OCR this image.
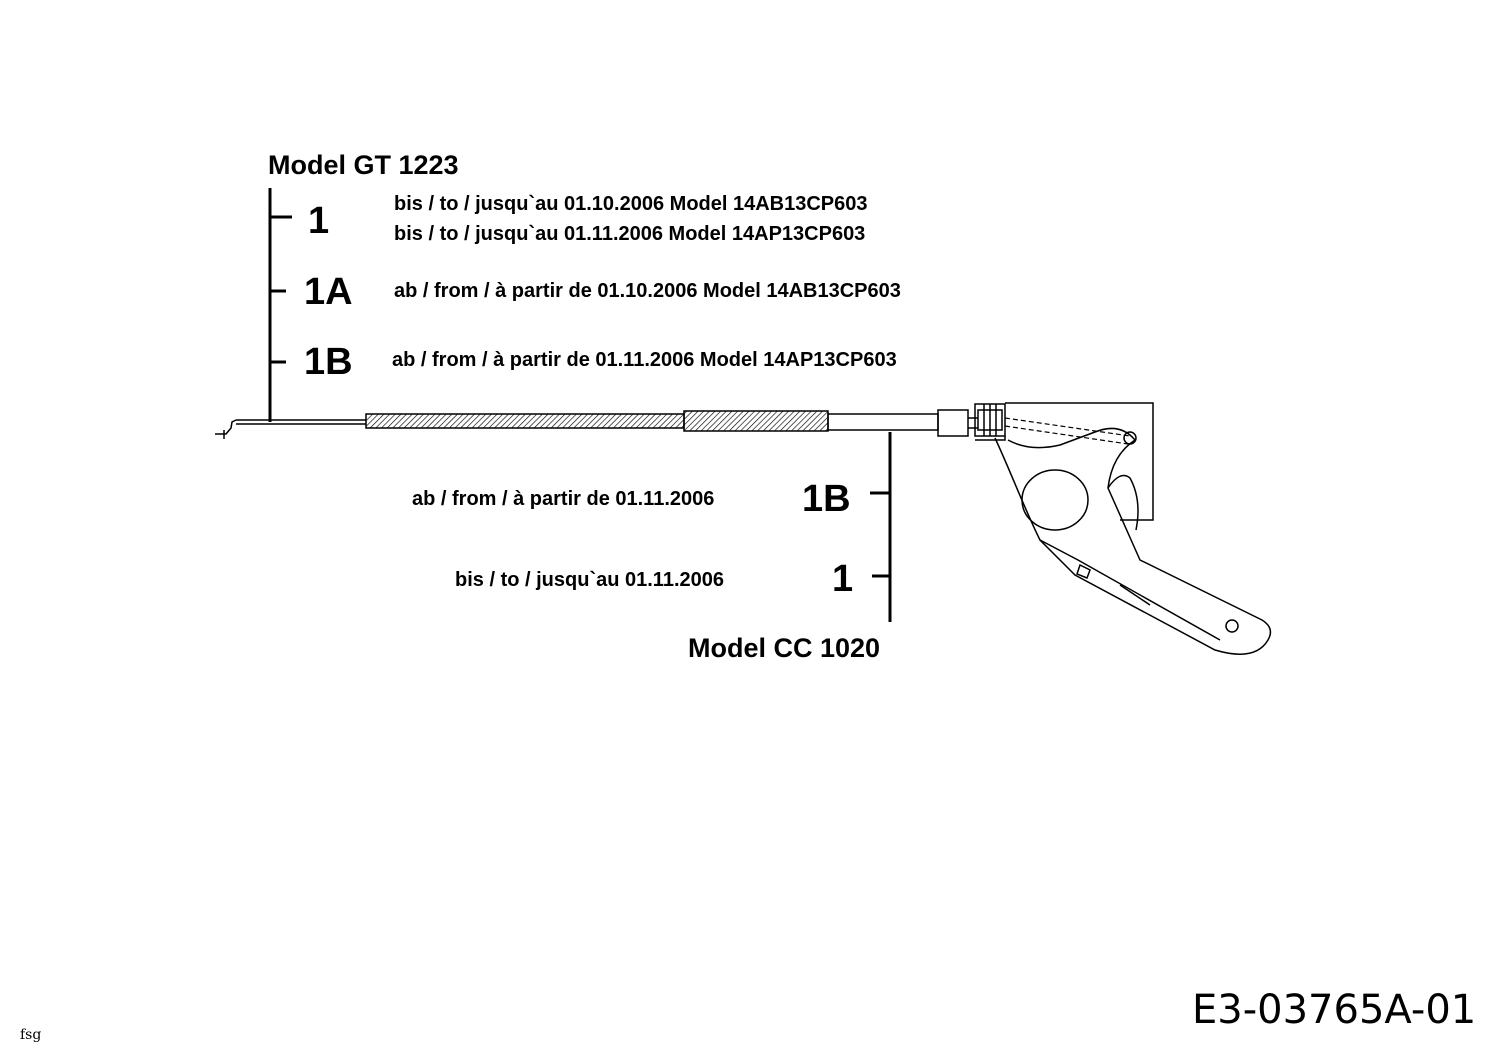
Model GT 1223
1	bis / to / jusqu`au 01.10.2006 Model 14AB13CP603
bis / to / jusqu`au 01.11.2006 Model 14AP13CP603
1A ab / from / à partir de 01.10.2006 Model 14AB13CP603
1B ab / from / à partir de 01.11.2006 Model 14AP13CP603
ab / from / à partir de 01.11.2006 1B
bis / to / jusqu`au 01.11.2006	1
Model CC 1020
E3-03765A-01
fsg
